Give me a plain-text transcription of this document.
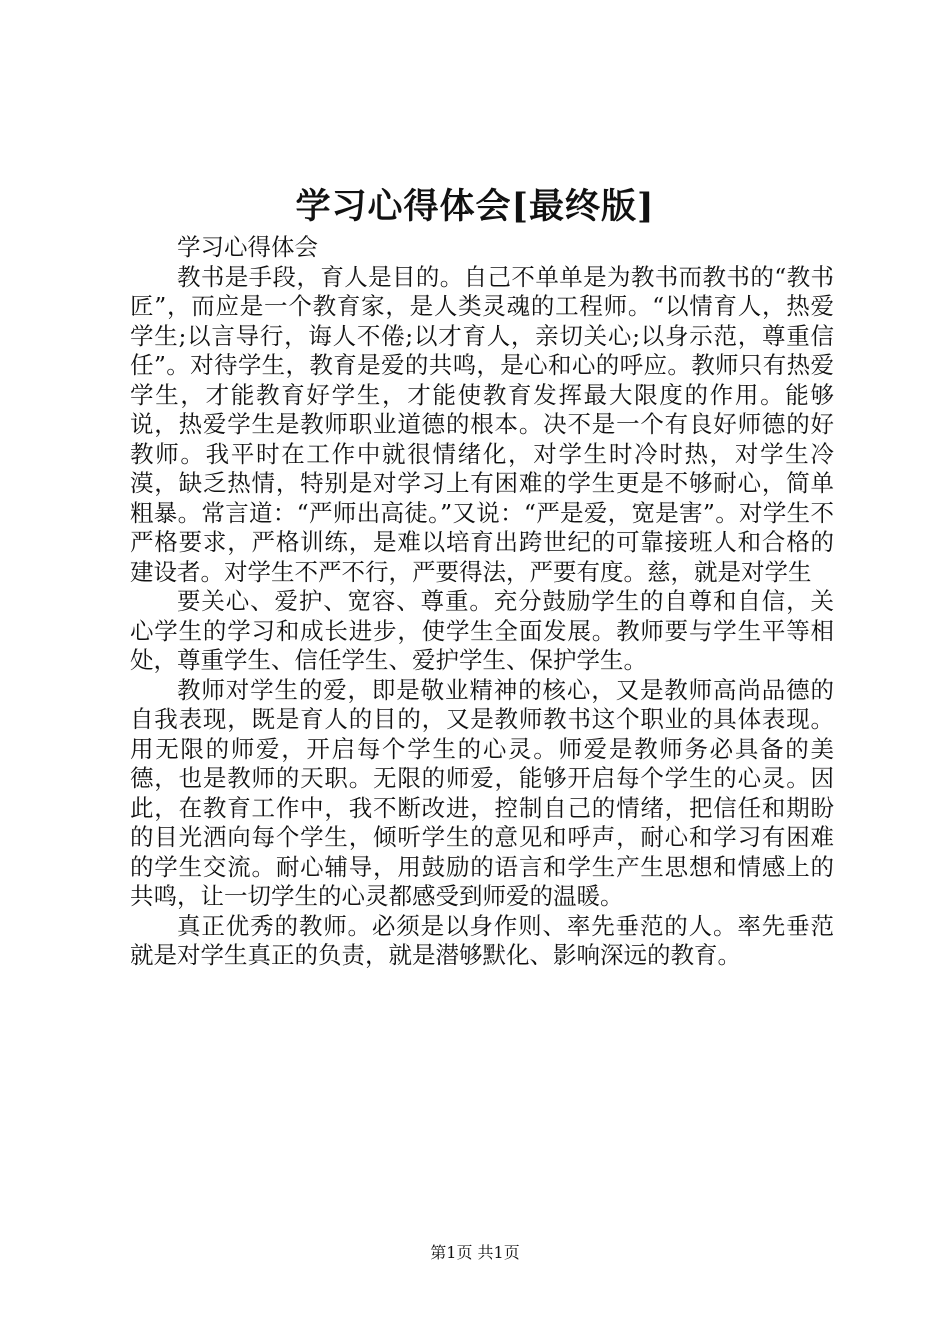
学习心得体会[最终版]

学习心得体会

教书是手段，育人是目的。自己不单单是为教书而教书的“教书匠”，而应是一个教育家，是人类灵魂的工程师。“以情育人，热爱学生;以言导行，诲人不倦;以才育人，亲切关心;以身示范，尊重信任”。对待学生，教育是爱的共鸣，是心和心的呼应。教师只有热爱学生，才能教育好学生，才能使教育发挥最大限度的作用。能够说，热爱学生是教师职业道德的根本。决不是一个有良好师德的好教师。我平时在工作中就很情绪化，对学生时冷时热，对学生冷漠，缺乏热情，特别是对学习上有困难的学生更是不够耐心，简单粗暴。常言道：“严师出高徒。”又说：“严是爱，宽是害”。对学生不严格要求，严格训练，是难以培育出跨世纪的可靠接班人和合格的建设者。对学生不严不行，严要得法，严要有度。慈，就是对学生

要关心、爱护、宽容、尊重。充分鼓励学生的自尊和自信，关心学生的学习和成长进步，使学生全面发展。教师要与学生平等相处，尊重学生、信任学生、爱护学生、保护学生。

教师对学生的爱，即是敬业精神的核心，又是教师高尚品德的自我表现，既是育人的目的，又是教师教书这个职业的具体表现。用无限的师爱，开启每个学生的心灵。师爱是教师务必具备的美德，也是教师的天职。无限的师爱，能够开启每个学生的心灵。因此，在教育工作中，我不断改进，控制自己的情绪，把信任和期盼的目光洒向每个学生，倾听学生的意见和呼声，耐心和学习有困难的学生交流。耐心辅导，用鼓励的语言和学生产生思想和情感上的共鸣，让一切学生的心灵都感受到师爱的温暖。

真正优秀的教师。必须是以身作则、率先垂范的人。率先垂范就是对学生真正的负责，就是潜够默化、影响深远的教育。

第1页 共1页
